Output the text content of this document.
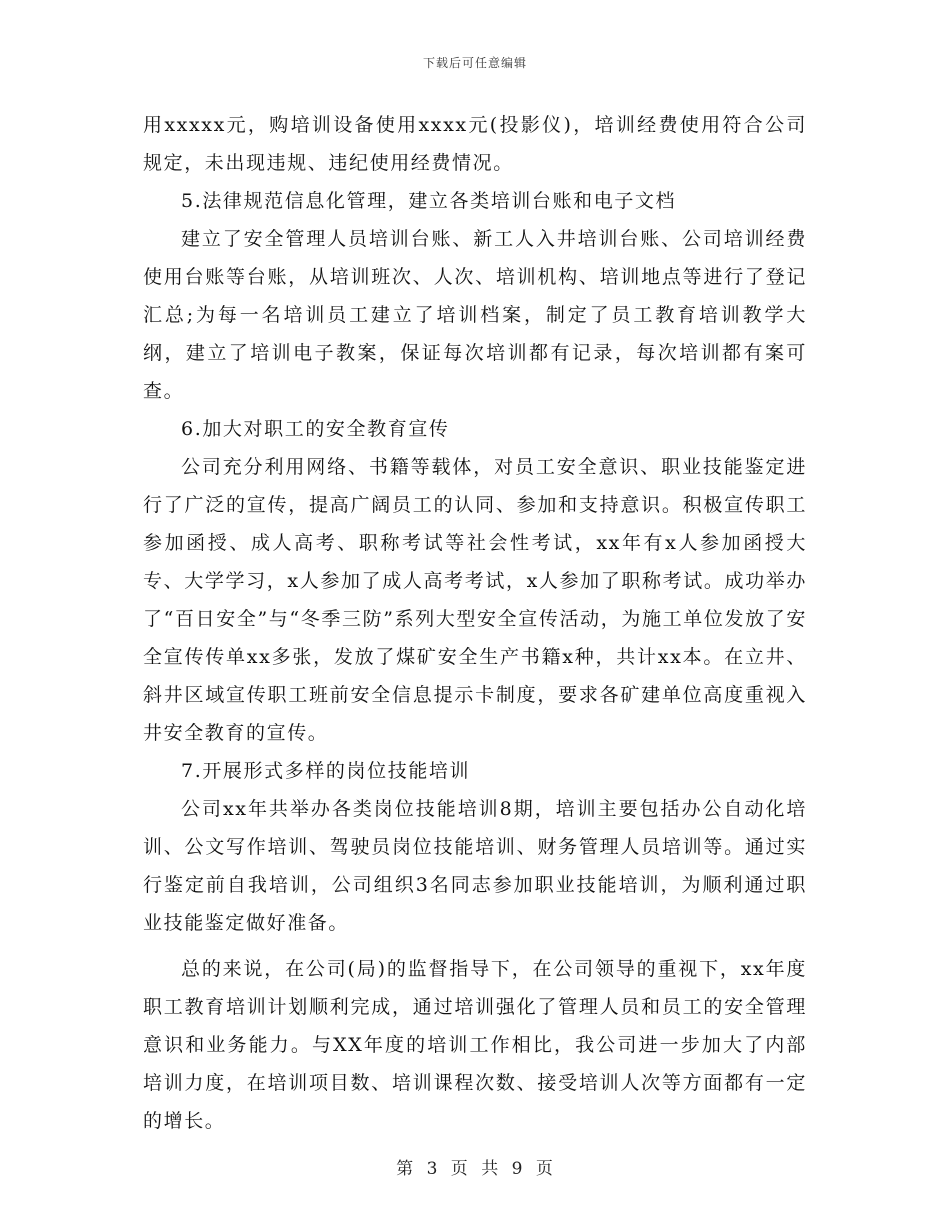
下载后可任意编辑

用xxxxx元，购培训设备使用xxxx元(投影仪)，培训经费使用符合公司规定，未出现违规、违纪使用经费情况。

5.法律规范信息化管理，建立各类培训台账和电子文档

建立了安全管理人员培训台账、新工人入井培训台账、公司培训经费使用台账等台账，从培训班次、人次、培训机构、培训地点等进行了登记汇总;为每一名培训员工建立了培训档案，制定了员工教育培训教学大纲，建立了培训电子教案，保证每次培训都有记录，每次培训都有案可查。

6.加大对职工的安全教育宣传

公司充分利用网络、书籍等载体，对员工安全意识、职业技能鉴定进行了广泛的宣传，提高广阔员工的认同、参加和支持意识。积极宣传职工参加函授、成人高考、职称考试等社会性考试，xx年有x人参加函授大专、大学学习，x人参加了成人高考考试，x人参加了职称考试。成功举办了“百日安全”与“冬季三防”系列大型安全宣传活动，为施工单位发放了安全宣传传单xx多张，发放了煤矿安全生产书籍x种，共计xx本。在立井、斜井区域宣传职工班前安全信息提示卡制度，要求各矿建单位高度重视入井安全教育的宣传。

7.开展形式多样的岗位技能培训

公司xx年共举办各类岗位技能培训8期，培训主要包括办公自动化培训、公文写作培训、驾驶员岗位技能培训、财务管理人员培训等。通过实行鉴定前自我培训，公司组织3名同志参加职业技能培训，为顺利通过职业技能鉴定做好准备。

总的来说，在公司(局)的监督指导下，在公司领导的重视下，xx年度职工教育培训计划顺利完成，通过培训强化了管理人员和员工的安全管理意识和业务能力。与XX年度的培训工作相比，我公司进一步加大了内部培训力度，在培训项目数、培训课程次数、接受培训人次等方面都有一定的增长。

第 3 页 共 9 页
